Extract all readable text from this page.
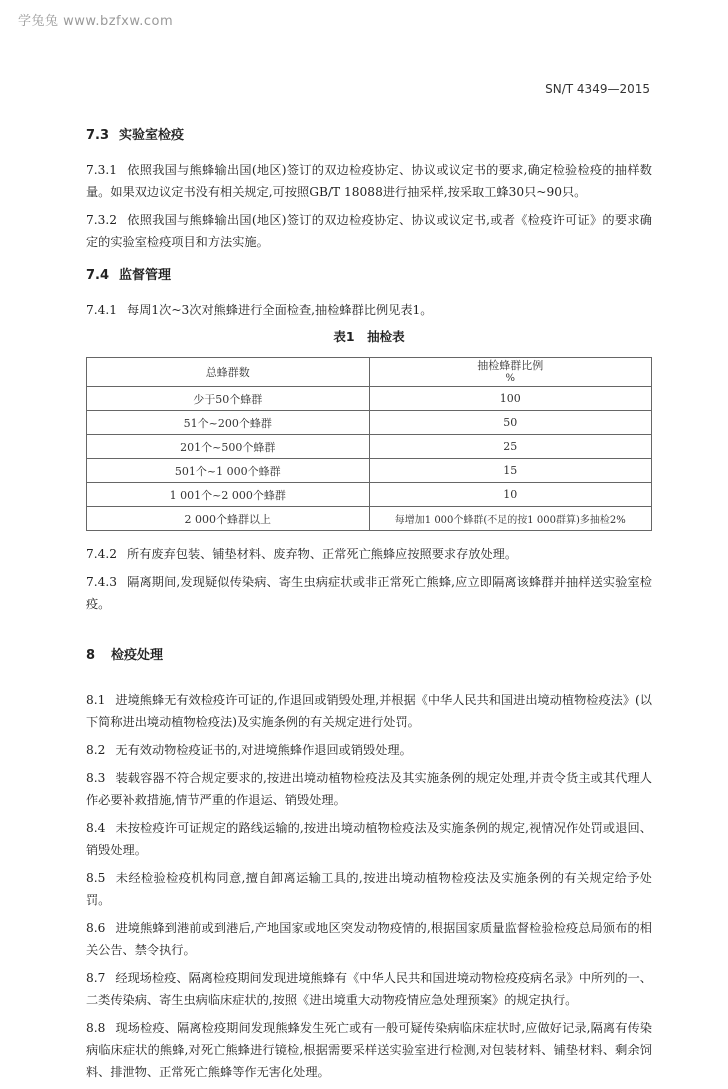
学兔兔 www.bzfxw.com
SN/T 4349—2015
7.3 实验室检疫

7.3.1 依照我国与熊蜂输出国(地区)签订的双边检疫协定、协议或议定书的要求,确定检验检疫的抽样数量。如果双边议定书没有相关规定,可按照GB/T 18088进行抽采样,按采取工蜂30只~90只。

7.3.2 依照我国与熊蜂输出国(地区)签订的双边检疫协定、协议或议定书,或者《检疫许可证》的要求确定的实验室检疫项目和方法实施。

7.4 监督管理

7.4.1 每周1次~3次对熊蜂进行全面检查,抽检蜂群比例见表1。

表1　抽检表
总蜂群数	抽检蜂群比例
%

少于50个蜂群	100
51个~200个蜂群	50
201个~500个蜂群	25
501个~1 000个蜂群	15
1 001个~2 000个蜂群	10
2 000个蜂群以上	每增加1 000个蜂群(不足的按1 000群算)多抽检2%

7.4.2 所有废弃包装、铺垫材料、废弃物、正常死亡熊蜂应按照要求存放处理。

7.4.3 隔离期间,发现疑似传染病、寄生虫病症状或非正常死亡熊蜂,应立即隔离该蜂群并抽样送实验室检疫。

8 检疫处理

8.1 进境熊蜂无有效检疫许可证的,作退回或销毁处理,并根据《中华人民共和国进出境动植物检疫法》(以下简称进出境动植物检疫法)及实施条例的有关规定进行处罚。

8.2 无有效动物检疫证书的,对进境熊蜂作退回或销毁处理。

8.3 装载容器不符合规定要求的,按进出境动植物检疫法及其实施条例的规定处理,并责令货主或其代理人作必要补救措施,情节严重的作退运、销毁处理。

8.4 未按检疫许可证规定的路线运输的,按进出境动植物检疫法及实施条例的规定,视情况作处罚或退回、销毁处理。

8.5 未经检验检疫机构同意,擅自卸离运输工具的,按进出境动植物检疫法及实施条例的有关规定给予处罚。

8.6 进境熊蜂到港前或到港后,产地国家或地区突发动物疫情的,根据国家质量监督检验检疫总局颁布的相关公告、禁令执行。

8.7 经现场检疫、隔离检疫期间发现进境熊蜂有《中华人民共和国进境动物检疫疫病名录》中所列的一、二类传染病、寄生虫病临床症状的,按照《进出境重大动物疫情应急处理预案》的规定执行。

8.8 现场检疫、隔离检疫期间发现熊蜂发生死亡或有一般可疑传染病临床症状时,应做好记录,隔离有传染病临床症状的熊蜂,对死亡熊蜂进行镜检,根据需要采样送实验室进行检测,对包装材料、铺垫材料、剩余饲料、排泄物、正常死亡熊蜂等作无害化处理。
